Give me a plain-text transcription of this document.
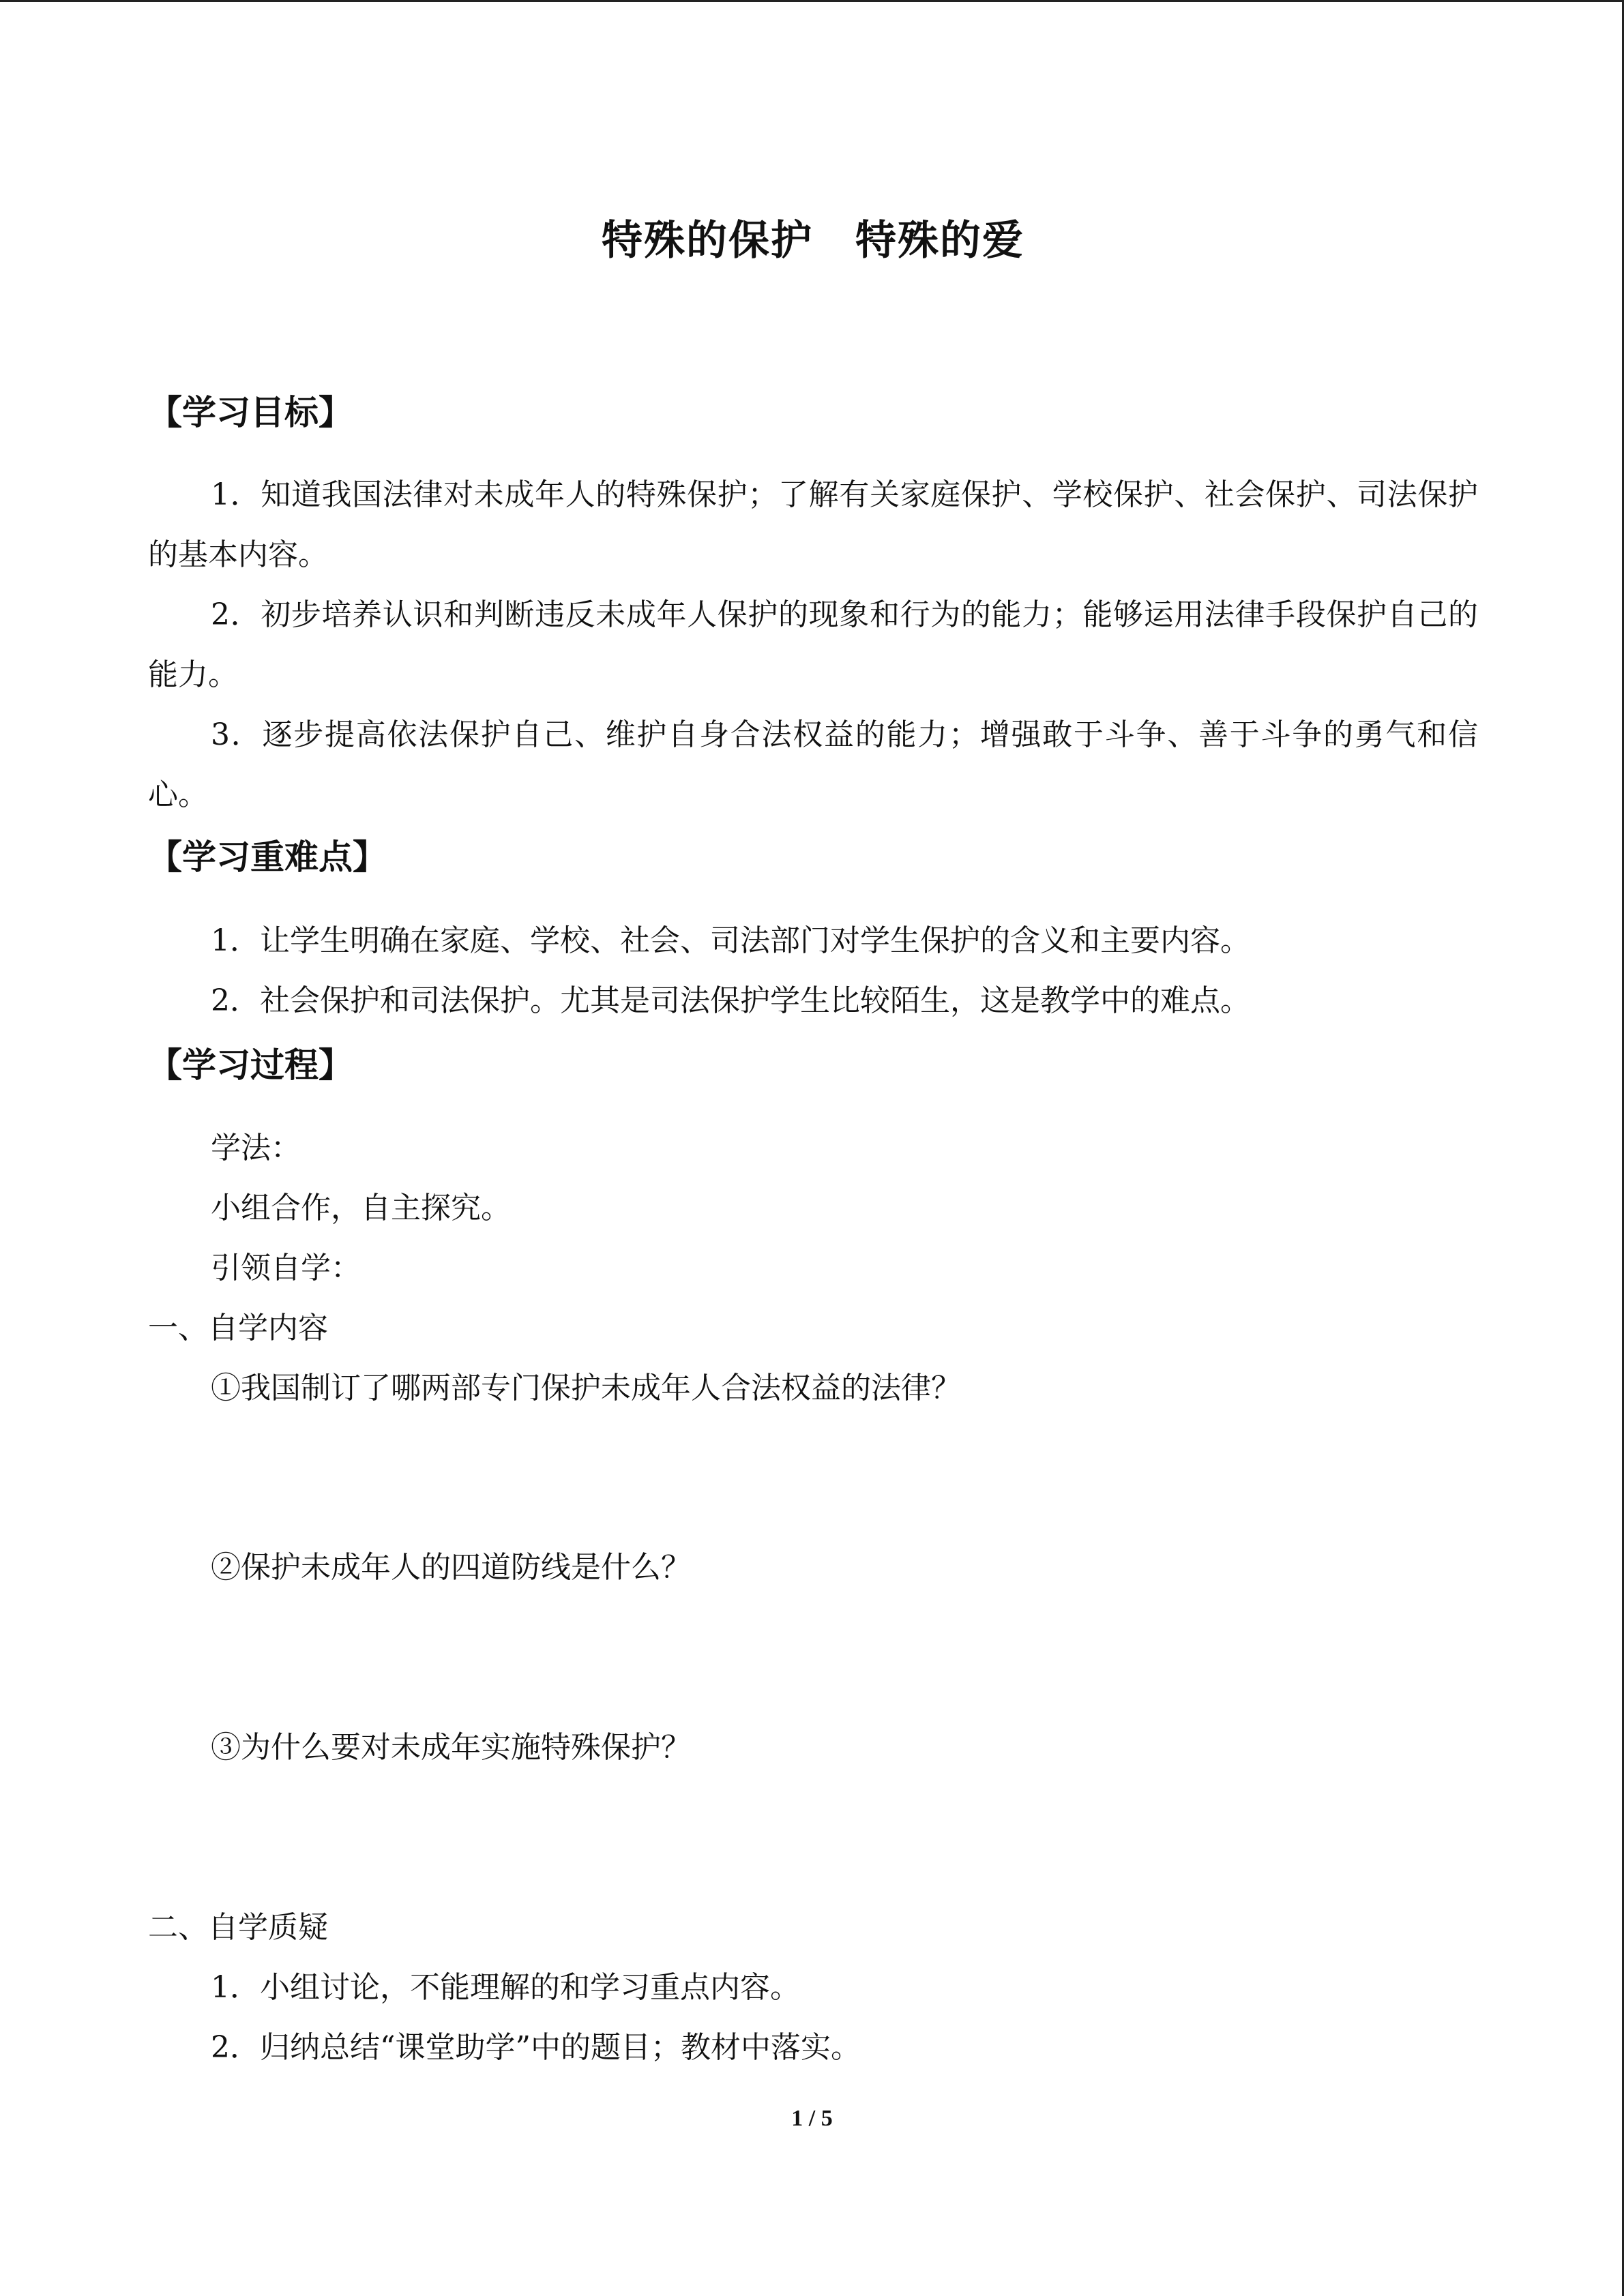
特殊的保护　特殊的爱
【学习目标】

1．知道我国法律对未成年人的特殊保护；了解有关家庭保护、学校保护、社会保护、司法保护的基本内容。

2．初步培养认识和判断违反未成年人保护的现象和行为的能力；能够运用法律手段保护自己的能力。

3．逐步提高依法保护自己、维护自身合法权益的能力；增强敢于斗争、善于斗争的勇气和信心。

【学习重难点】

1．让学生明确在家庭、学校、社会、司法部门对学生保护的含义和主要内容。

2．社会保护和司法保护。尤其是司法保护学生比较陌生，这是教学中的难点。

【学习过程】
学法：
小组合作，自主探究。
引领自学：
一、自学内容
①我国制订了哪两部专门保护未成年人合法权益的法律？
②保护未成年人的四道防线是什么？
③为什么要对未成年实施特殊保护？
二、自学质疑
1．小组讨论，不能理解的和学习重点内容。
2．归纳总结“课堂助学”中的题目；教材中落实。
1 / 5
